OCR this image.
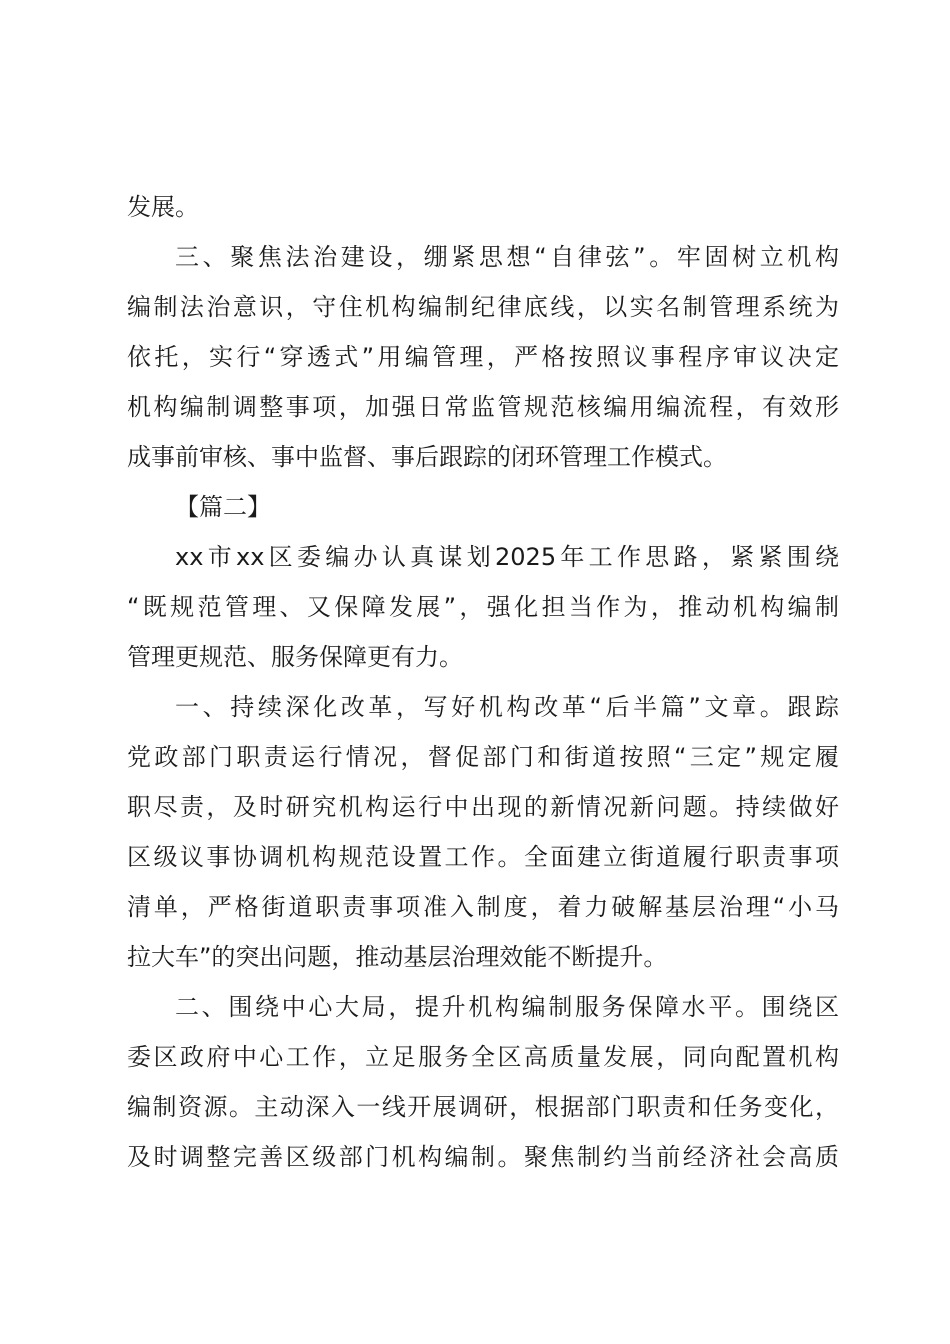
发展。
三、聚焦法治建设，绷紧思想“自律弦”。牢固树立机构
编制法治意识，守住机构编制纪律底线，以实名制管理系统为
依托，实行“穿透式”用编管理，严格按照议事程序审议决定
机构编制调整事项，加强日常监管规范核编用编流程，有效形
成事前审核、事中监督、事后跟踪的闭环管理工作模式。
【篇二】
xx市xx区委编办认真谋划2025年工作思路，紧紧围绕
“既规范管理、又保障发展”，强化担当作为，推动机构编制
管理更规范、服务保障更有力。
一、持续深化改革，写好机构改革“后半篇”文章。跟踪
党政部门职责运行情况，督促部门和街道按照“三定”规定履
职尽责，及时研究机构运行中出现的新情况新问题。持续做好
区级议事协调机构规范设置工作。全面建立街道履行职责事项
清单，严格街道职责事项准入制度，着力破解基层治理“小马
拉大车”的突出问题，推动基层治理效能不断提升。
二、围绕中心大局，提升机构编制服务保障水平。围绕区
委区政府中心工作，立足服务全区高质量发展，同向配置机构
编制资源。主动深入一线开展调研，根据部门职责和任务变化，
及时调整完善区级部门机构编制。聚焦制约当前经济社会高质
